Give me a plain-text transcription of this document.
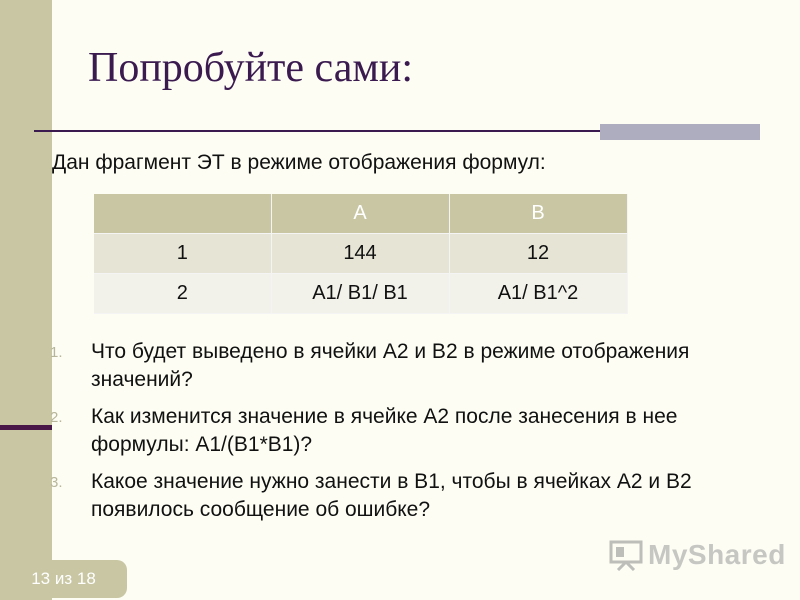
Попробуйте сами:
Дан фрагмент ЭТ в режиме отображения формул:
	A	B
1	144	12
2	A1/ B1/ B1	A1/ B1^2
1. Что будет выведено в ячейки А2 и В2 в режиме отображения значений?
2. Как изменится значение в ячейке А2 после занесения в нее формулы: А1/(В1*В1)?
3. Какое значение нужно занести в В1, чтобы в ячейках А2 и В2 появилось сообщение об ошибке?
13 из 18
MyShared
